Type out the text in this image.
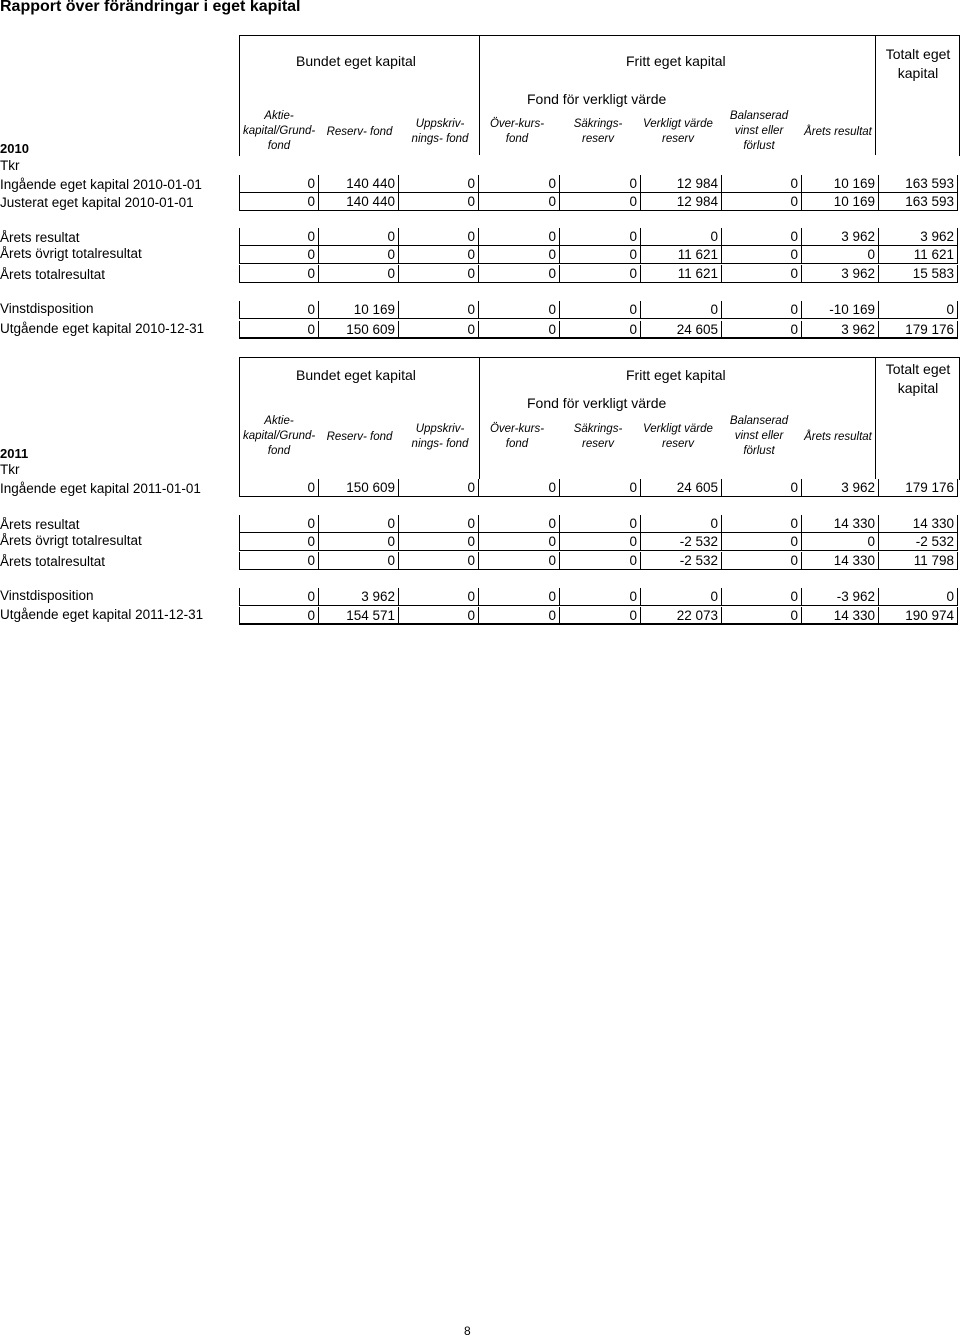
Rapport över förändringar i eget kapital
Bundet eget kapital	Fritt eget kapital	Totalt eget kapital
Fond för verkligt värde
Aktie-kapital/Grund-fond
Reserv- fond
Uppskriv-nings- fond
Över-kurs-fond
Säkrings-reserv
Verkligt värde reserv
Balanserad vinst eller förlust
Årets resultat
2010
Tkr
Ingående eget kapital 2010-01-01	0	140 440	0	0	0	12 984	0	10 169	163 593
Justerat eget kapital 2010-01-01	0	140 440	0	0	0	12 984	0	10 169	163 593
Årets resultat	0	0	0	0	0	0	0	3 962	3 962
Årets övrigt totalresultat	0	0	0	0	0	11 621	0	0	11 621
Årets totalresultat	0	0	0	0	0	11 621	0	3 962	15 583
Vinstdisposition	0	10 169	0	0	0	0	0	-10 169	0
Utgående eget kapital 2010-12-31	0	150 609	0	0	0	24 605	0	3 962	179 176
Bundet eget kapital	Fritt eget kapital	Totalt eget kapital
Fond för verkligt värde
Aktie-kapital/Grund-fond
Reserv- fond
Uppskriv-nings- fond
Över-kurs-fond
Säkrings-reserv
Verkligt värde reserv
Balanserad vinst eller förlust
Årets resultat
2011
Tkr
Ingående eget kapital 2011-01-01	0	150 609	0	0	0	24 605	0	3 962	179 176
Årets resultat	0	0	0	0	0	0	0	14 330	14 330
Årets övrigt totalresultat	0	0	0	0	0	-2 532	0	0	-2 532
Årets totalresultat	0	0	0	0	0	-2 532	0	14 330	11 798
Vinstdisposition	0	3 962	0	0	0	0	0	-3 962	0
Utgående eget kapital 2011-12-31	0	154 571	0	0	0	22 073	0	14 330	190 974
8
